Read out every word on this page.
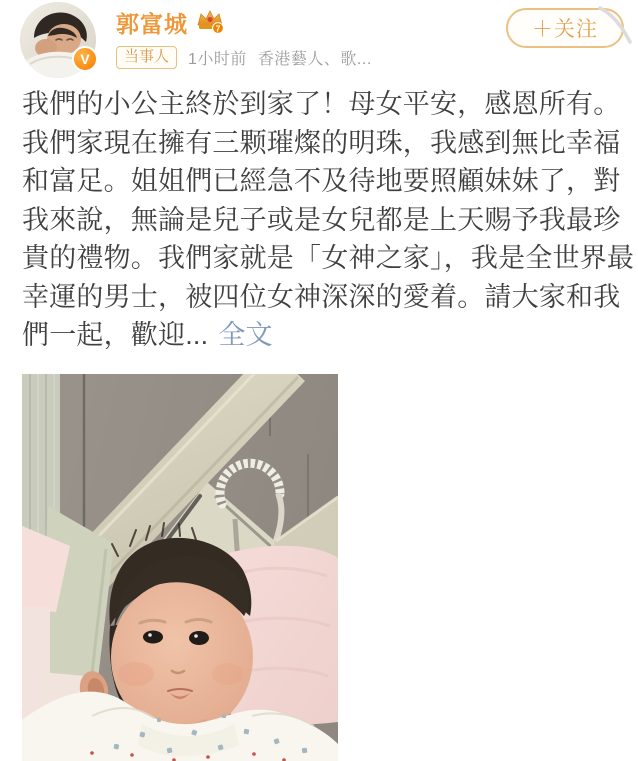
V
郭富城	7
当事人	1小时前 香港藝人、歌...
＋关注
我們的小公主終於到家了！母女平安，感恩所有。
我們家現在擁有三颗璀燦的明珠，我感到無比幸福
和富足。姐姐們已經急不及待地要照顧妹妹了，對
我來說，無論是兒子或是女兒都是上天赐予我最珍
貴的禮物。我們家就是「女神之家」，我是全世界最
幸運的男士，被四位女神深深的愛着。請大家和我
們一起，歡迎... 全文
